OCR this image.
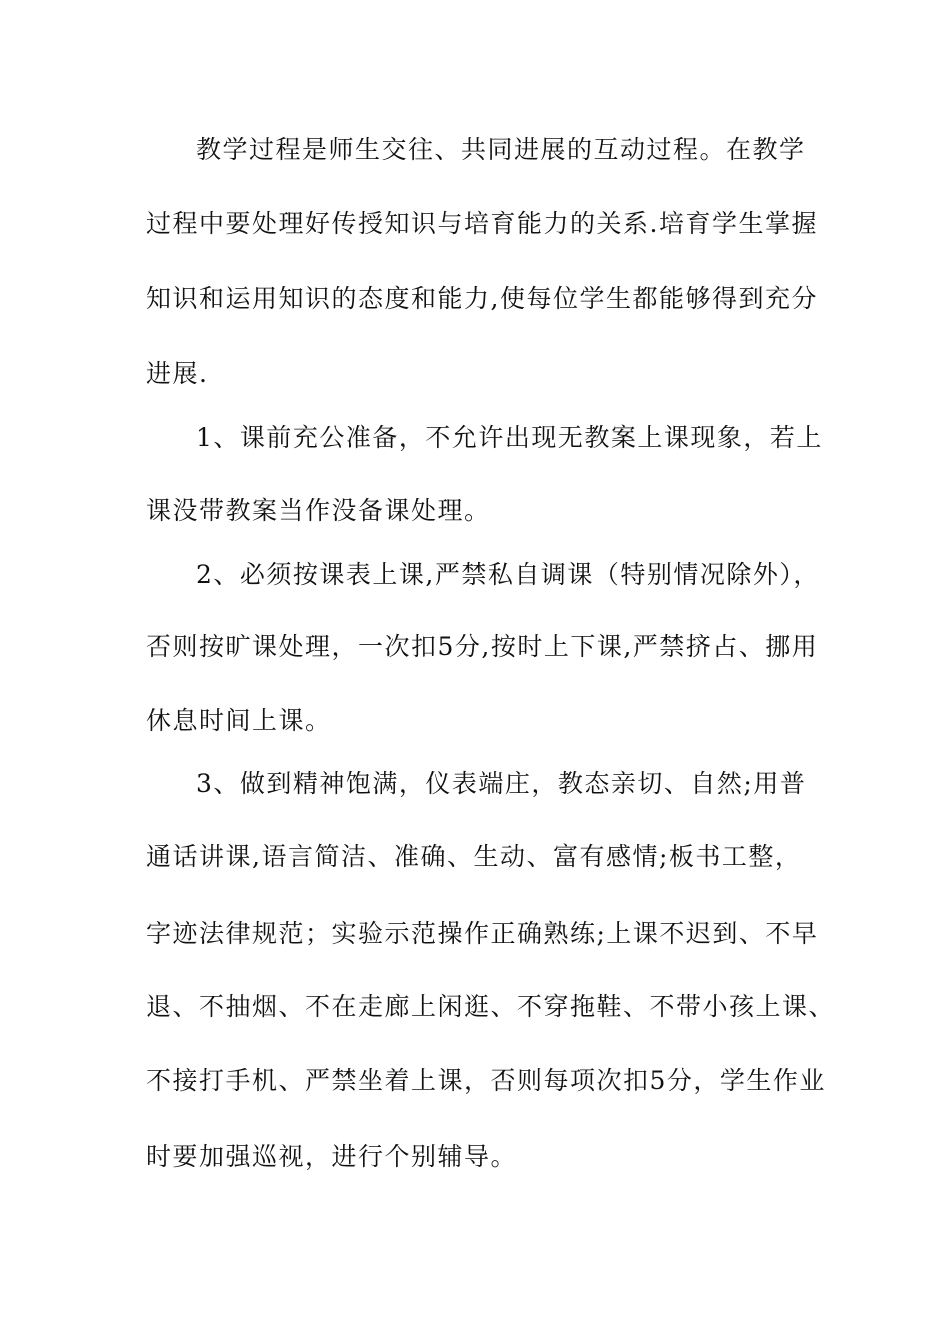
教学过程是师生交往、共同进展的互动过程。在教学
过程中要处理好传授知识与培育能力的关系.培育学生掌握
知识和运用知识的态度和能力,使每位学生都能够得到充分
进展.
1、课前充公准备，不允许出现无教案上课现象，若上
课没带教案当作没备课处理。
2、必须按课表上课,严禁私自调课（特别情况除外），
否则按旷课处理，一次扣5分,按时上下课,严禁挤占、挪用
休息时间上课。
3、做到精神饱满，仪表端庄，教态亲切、自然;用普
通话讲课,语言简洁、准确、生动、富有感情;板书工整，
字迹法律规范；实验示范操作正确熟练;上课不迟到、不早
退、不抽烟、不在走廊上闲逛、不穿拖鞋、不带小孩上课、
不接打手机、严禁坐着上课，否则每项次扣5分，学生作业
时要加强巡视，进行个别辅导。
